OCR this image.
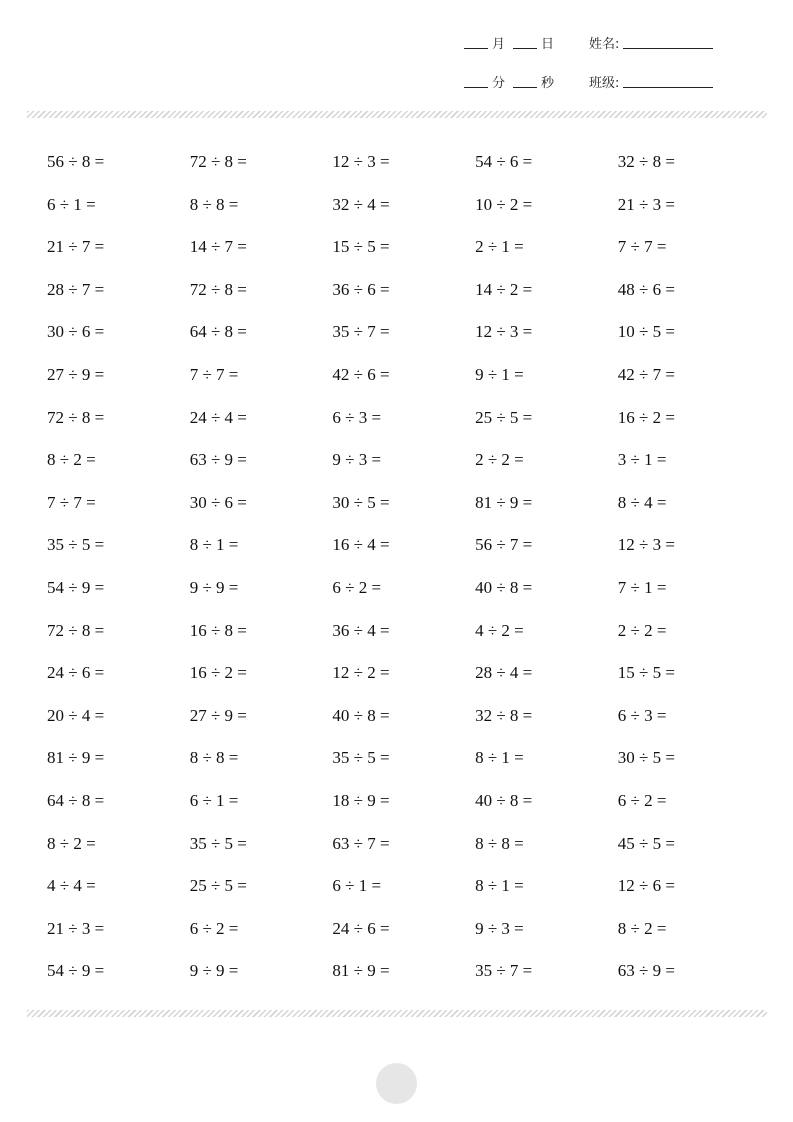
月	日	姓名:
分	秒	班级:
56 ÷ 8 =	72 ÷ 8 =	12 ÷ 3 =	54 ÷ 6 =	32 ÷ 8 =
6 ÷ 1 =	8 ÷ 8 =	32 ÷ 4 =	10 ÷ 2 =	21 ÷ 3 =
21 ÷ 7 =	14 ÷ 7 =	15 ÷ 5 =	2 ÷ 1 =	7 ÷ 7 =
28 ÷ 7 =	72 ÷ 8 =	36 ÷ 6 =	14 ÷ 2 =	48 ÷ 6 =
30 ÷ 6 =	64 ÷ 8 =	35 ÷ 7 =	12 ÷ 3 =	10 ÷ 5 =
27 ÷ 9 =	7 ÷ 7 =	42 ÷ 6 =	9 ÷ 1 =	42 ÷ 7 =
72 ÷ 8 =	24 ÷ 4 =	6 ÷ 3 =	25 ÷ 5 =	16 ÷ 2 =
8 ÷ 2 =	63 ÷ 9 =	9 ÷ 3 =	2 ÷ 2 =	3 ÷ 1 =
7 ÷ 7 =	30 ÷ 6 =	30 ÷ 5 =	81 ÷ 9 =	8 ÷ 4 =
35 ÷ 5 =	8 ÷ 1 =	16 ÷ 4 =	56 ÷ 7 =	12 ÷ 3 =
54 ÷ 9 =	9 ÷ 9 =	6 ÷ 2 =	40 ÷ 8 =	7 ÷ 1 =
72 ÷ 8 =	16 ÷ 8 =	36 ÷ 4 =	4 ÷ 2 =	2 ÷ 2 =
24 ÷ 6 =	16 ÷ 2 =	12 ÷ 2 =	28 ÷ 4 =	15 ÷ 5 =
20 ÷ 4 =	27 ÷ 9 =	40 ÷ 8 =	32 ÷ 8 =	6 ÷ 3 =
81 ÷ 9 =	8 ÷ 8 =	35 ÷ 5 =	8 ÷ 1 =	30 ÷ 5 =
64 ÷ 8 =	6 ÷ 1 =	18 ÷ 9 =	40 ÷ 8 =	6 ÷ 2 =
8 ÷ 2 =	35 ÷ 5 =	63 ÷ 7 =	8 ÷ 8 =	45 ÷ 5 =
4 ÷ 4 =	25 ÷ 5 =	6 ÷ 1 =	8 ÷ 1 =	12 ÷ 6 =
21 ÷ 3 =	6 ÷ 2 =	24 ÷ 6 =	9 ÷ 3 =	8 ÷ 2 =
54 ÷ 9 =	9 ÷ 9 =	81 ÷ 9 =	35 ÷ 7 =	63 ÷ 9 =
